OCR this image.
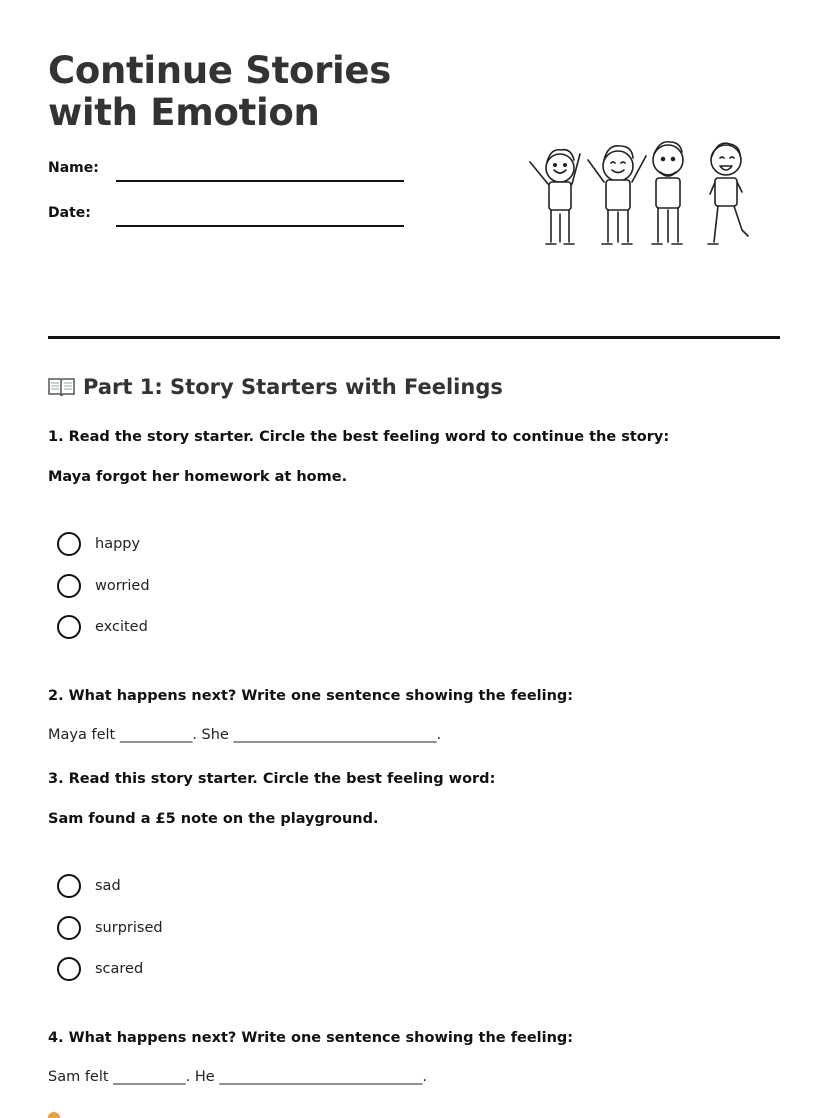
Continue Stories with Emotion
Name:
Date:
Part 1: Story Starters with Feelings
1. Read the story starter. Circle the best feeling word to continue the story:
Maya forgot her homework at home.
happy
worried
excited
2. What happens next? Write one sentence showing the feeling:
Maya felt __________. She ____________________________.
3. Read this story starter. Circle the best feeling word:
Sam found a £5 note on the playground.
sad
surprised
scared
4. What happens next? Write one sentence showing the feeling:
Sam felt __________. He ____________________________.
